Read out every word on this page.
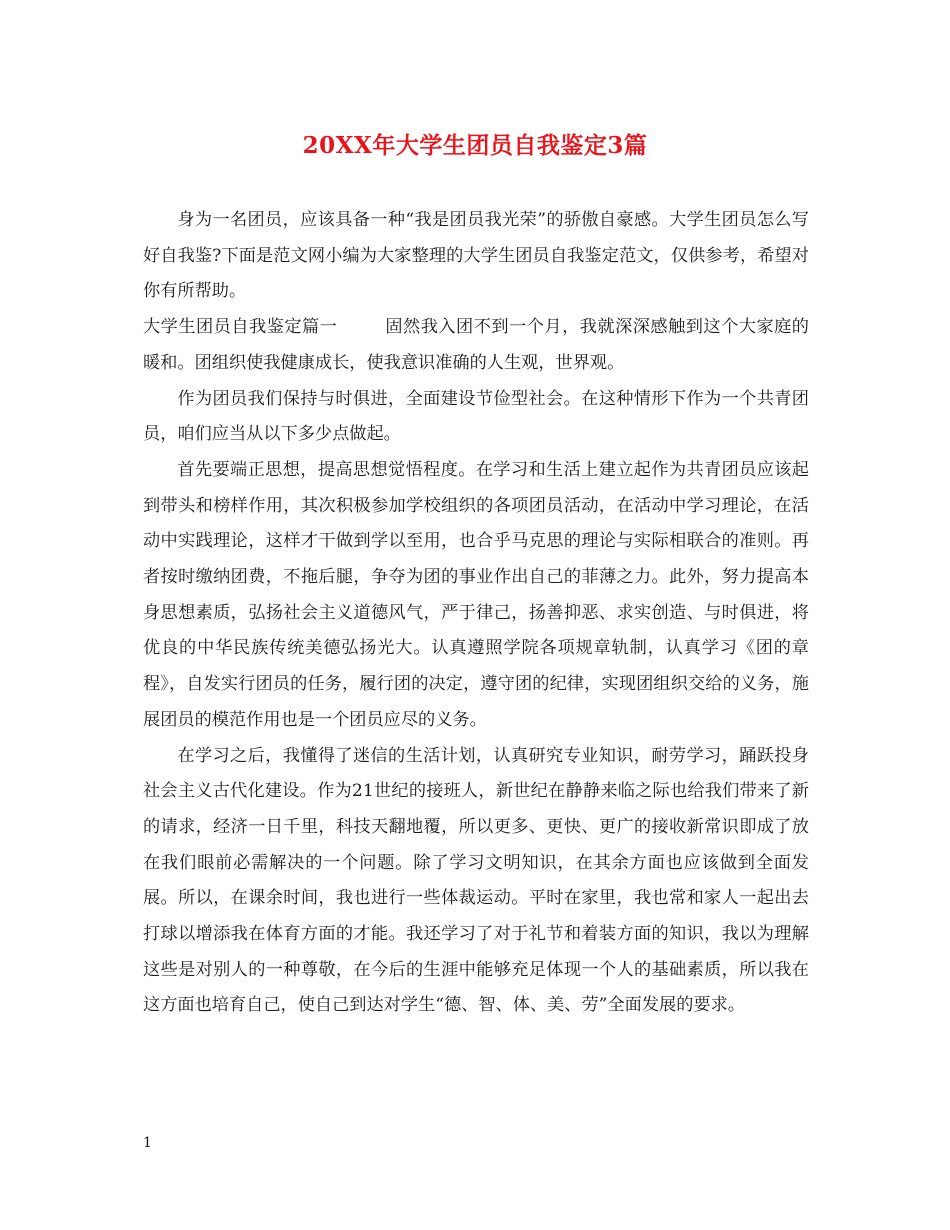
20XX年大学生团员自我鉴定3篇

身为一名团员，应该具备一种“我是团员我光荣”的骄傲自豪感。大学生团员怎么写好自我鉴?下面是范文网小编为大家整理的大学生团员自我鉴定范文，仅供参考，希望对你有所帮助。

大学生团员自我鉴定篇一	固然我入团不到一个月，我就深深感触到这个大家庭的暖和。团组织使我健康成长，使我意识准确的人生观，世界观。

作为团员我们保持与时俱进，全面建设节俭型社会。在这种情形下作为一个共青团员，咱们应当从以下多少点做起。

首先要端正思想，提高思想觉悟程度。在学习和生活上建立起作为共青团员应该起到带头和榜样作用，其次积极参加学校组织的各项团员活动，在活动中学习理论，在活动中实践理论，这样才干做到学以至用，也合乎马克思的理论与实际相联合的准则。再者按时缴纳团费，不拖后腿，争夺为团的事业作出自己的菲薄之力。此外，努力提高本身思想素质，弘扬社会主义道德风气，严于律己，扬善抑恶、求实创造、与时俱进，将优良的中华民族传统美德弘扬光大。认真遵照学院各项规章轨制，认真学习《团的章程》，自发实行团员的任务，履行团的决定，遵守团的纪律，实现团组织交给的义务，施展团员的模范作用也是一个团员应尽的义务。

在学习之后，我懂得了迷信的生活计划，认真研究专业知识，耐劳学习，踊跃投身社会主义古代化建设。作为21世纪的接班人，新世纪在静静来临之际也给我们带来了新的请求，经济一日千里，科技天翻地覆，所以更多、更快、更广的接收新常识即成了放在我们眼前必需解决的一个问题。除了学习文明知识，在其余方面也应该做到全面发展。所以，在课余时间，我也进行一些体裁运动。平时在家里，我也常和家人一起出去打球以增添我在体育方面的才能。我还学习了对于礼节和着装方面的知识，我以为理解这些是对别人的一种尊敬，在今后的生涯中能够充足体现一个人的基础素质，所以我在这方面也培育自己，使自己到达对学生“德、智、体、美、劳”全面发展的要求。

1
